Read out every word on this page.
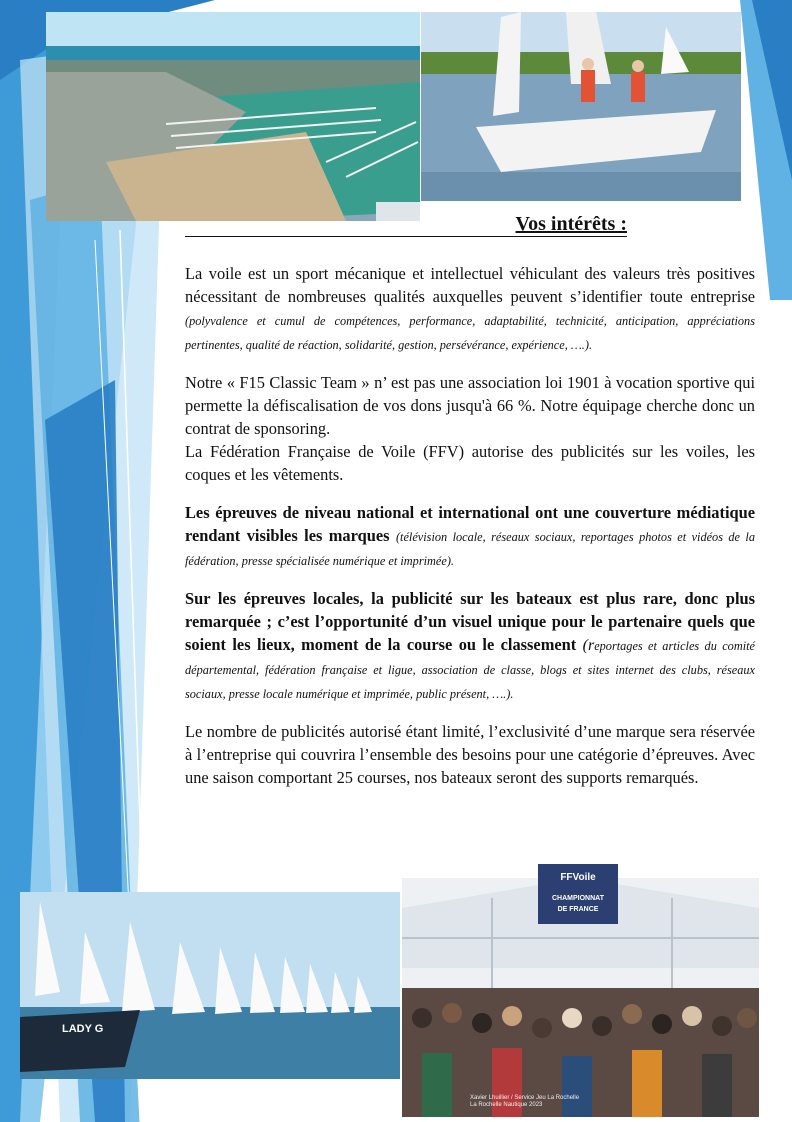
Vos intérêts :

La voile est un sport mécanique et intellectuel véhiculant des valeurs très positives nécessitant de nombreuses qualités auxquelles peuvent s’identifier toute entreprise (polyvalence et cumul de compétences, performance, adaptabilité, technicité, anticipation, appréciations pertinentes, qualité de réaction, solidarité, gestion, persévérance, expérience, ….).

Notre « F15 Classic Team » n’ est pas une association loi 1901 à vocation sportive qui permette la défiscalisation de vos dons jusqu'à 66 %. Notre équipage cherche donc un contrat de sponsoring.
La Fédération Française de Voile (FFV) autorise des publicités sur les voiles, les coques et les vêtements.

Les épreuves de niveau national et international ont une couverture médiatique rendant visibles les marques (télévision locale, réseaux sociaux, reportages photos et vidéos de la fédération, presse spécialisée numérique et imprimée).

Sur les épreuves locales, la publicité sur les bateaux est plus rare, donc plus remarquée ; c’est l’opportunité d’un visuel unique pour le partenaire quels que soient les lieux, moment de la course ou le classement (reportages et articles du comité départemental, fédération française et ligue, association de classe, blogs et sites internet des clubs, réseaux sociaux, presse locale numérique et imprimée, public présent, ….).

Le nombre de publicités autorisé étant limité, l’exclusivité d’une marque sera réservée à l’entreprise qui couvrira l’ensemble des besoins pour une catégorie d’épreuves. Avec une saison comportant 25 courses, nos bateaux seront des supports remarqués.

LADY G
FFVoile
CHAMPIONNAT
DE FRANCE
Xavier Lhuillier / Service Jeu La Rochelle
La Rochelle Nautique 2023
